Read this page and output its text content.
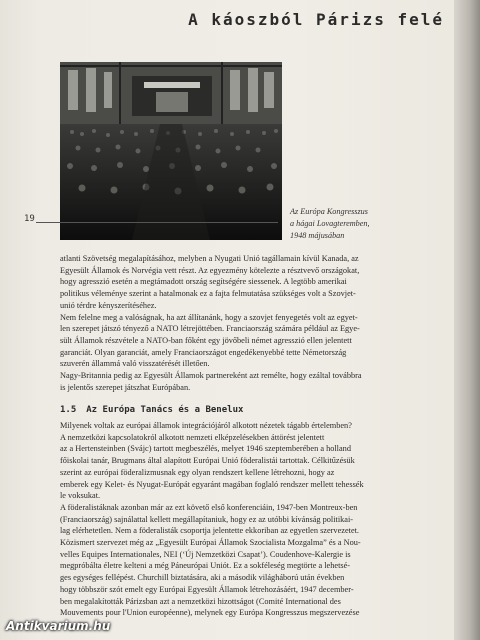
A káoszból Párizs felé
19
Az Európa Kongresszus
a hágai Lovagteremben,
1948 májusában
atlanti Szövetség megalapításához, melyben a Nyugati Unió tagállamain kívül Kanada, az
Egyesült Államok és Norvégia vett részt. Az egyezmény kötelezte a résztvevő országokat,
hogy agresszió esetén a megtámadott ország segítségére siessenek. A legtöbb amerikai
politikus véleménye szerint a hatalmonak ez a fajta felmutatása szükséges volt a Szovjet-
unió térdre kényszerítéséhez.
Nem felelne meg a valóságnak, ha azt állítanánk, hogy a szovjet fenyegetés volt az egyet-
len szerepet játszó tényező a NATO létrejöttében. Franciaország számára például az Egye-
sült Államok részvétele a NATO-ban főként egy jövőbeli német agresszió ellen jelentett
garanciát. Olyan garanciát, amely Franciaországot engedékenyebbé tette Németország
szuverén állammá való visszatérését illetően.
Nagy-Britannia pedig az Egyesült Államok partnereként azt remélte, hogy ezáltal továbbra
is jelentős szerepet játszhat Európában.
1.5 Az Európa Tanács és a Benelux
Milyenek voltak az európai államok integrációjáról alkotott nézetek tágabb értelemben?
A nemzetközi kapcsolatokról alkotott nemzeti elképzelésekben áttörést jelentett
az a Hertensteinben (Svájc) tartott megbeszélés, melyet 1946 szeptemberében a holland
főiskolai tanár, Brugmans által alapított Európai Unió föderalistái tartottak. Célkitűzésük
szerint az európai föderalizmusnak egy olyan rendszert kellene létrehozni, hogy az
emberek egy Kelet- és Nyugat-Európát egyaránt magában foglaló rendszer mellett tehessék
le voksukat.
A föderalistáknak azonban már az ezt követő első konferenciáin, 1947-ben Montreux-ben
(Franciaország) sajnálattal kellett megállapítaniuk, hogy ez az utóbbi kívánság politikai-
lag elérhetetlen. Nem a föderalisták csoportja jelentette ekkoriban az egyetlen szervezetet.
Közismert szervezet még az „Egyesült Európai Államok Szocialista Mozgalma” és a Nou-
velles Equipes Internationales, NEI (‘Új Nemzetközi Csapat’). Coudenhove-Kalergie is
megpróbálta életre kelteni a még Páneurópai Uniót. Ez a sokféleség megtörte a lehetsé-
ges egységes fellépést. Churchill biztatására, aki a második világháború után években
hogy többször szót emelt egy Európai Egyesült Államok létrehozásáért, 1947 december-
ben megalakították Párizsban azt a nemzetközi hizottságot (Comité International des
Mouvements pour l'Union européenne), melynek egy Európa Kongresszus megszervezése
Antikvarium.hu
